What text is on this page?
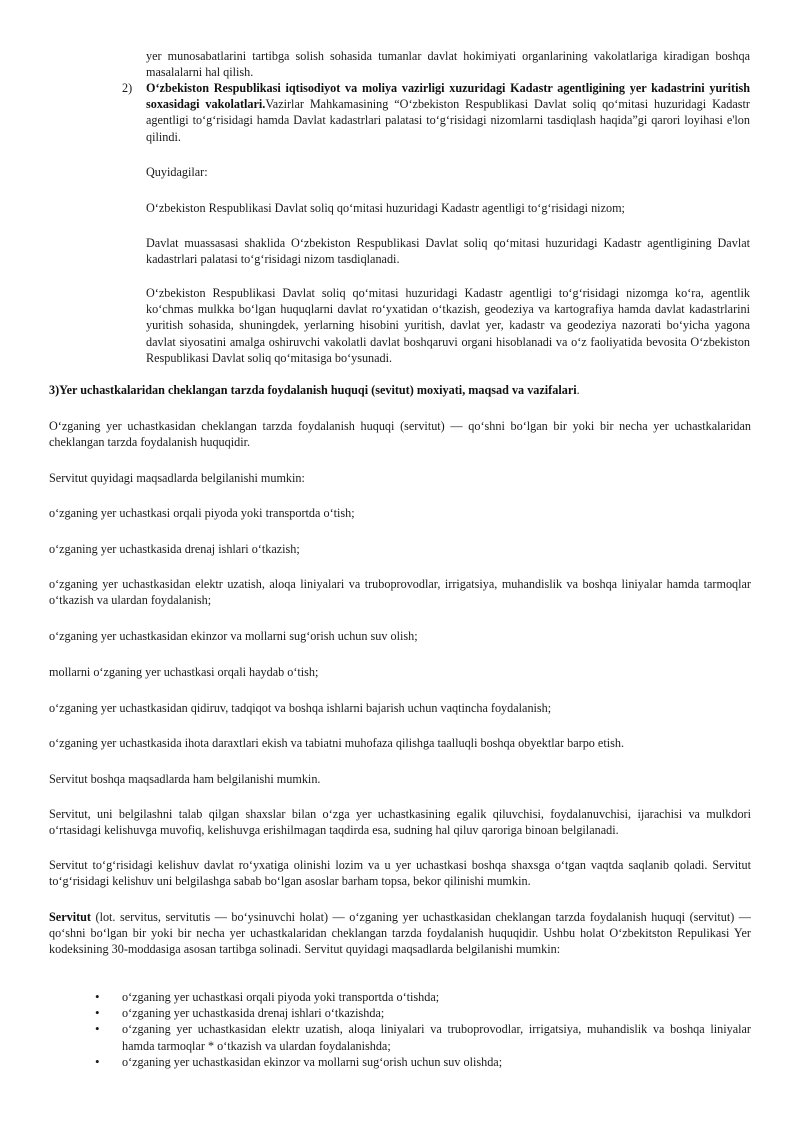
yer munosabatlarini tartibga solish sohasida tumanlar davlat hokimiyati organlarining vakolatlariga kiradigan boshqa masalalarni hal qilish.

2) O‘zbekiston Respublikasi iqtisodiyot va moliya vazirligi xuzuridagi Kadastr agentligining yer kadastrini yuritish soxasidagi vakolatlari.Vazirlar Mahkamasining “O‘zbekiston Respublikasi Davlat soliq qo‘mitasi huzuridagi Kadastr agentligi to‘g‘risidagi hamda Davlat kadastrlari palatasi to‘g‘risidagi nizomlarni tasdiqlash haqida”gi qarori loyihasi e'lon qilindi.

Quyidagilar:

O‘zbekiston Respublikasi Davlat soliq qo‘mitasi huzuridagi Kadastr agentligi to‘g‘risidagi nizom;

Davlat muassasasi shaklida O‘zbekiston Respublikasi Davlat soliq qo‘mitasi huzuridagi Kadastr agentligining Davlat kadastrlari palatasi to‘g‘risidagi nizom tasdiqlanadi.

O‘zbekiston Respublikasi Davlat soliq qo‘mitasi huzuridagi Kadastr agentligi to‘g‘risidagi nizomga ko‘ra, agentlik ko‘chmas mulkka bo‘lgan huquqlarni davlat ro‘yxatidan o‘tkazish, geodeziya va kartografiya hamda davlat kadastrlarini yuritish sohasida, shuningdek, yerlarning hisobini yuritish, davlat yer, kadastr va geodeziya nazorati bo‘yicha yagona davlat siyosatini amalga oshiruvchi vakolatli davlat boshqaruvi organi hisoblanadi va o‘z faoliyatida bevosita O‘zbekiston Respublikasi Davlat soliq qo‘mitasiga bo‘ysunadi.

3)Yer uchastkalaridan cheklangan tarzda foydalanish huquqi (sevitut) moxiyati, maqsad va vazifalari.

O‘zganing yer uchastkasidan cheklangan tarzda foydalanish huquqi (servitut) — qo‘shni bo‘lgan bir yoki bir necha yer uchastkalaridan cheklangan tarzda foydalanish huquqidir.

Servitut quyidagi maqsadlarda belgilanishi mumkin:

o‘zganing yer uchastkasi orqali piyoda yoki transportda o‘tish;

o‘zganing yer uchastkasida drenaj ishlari o‘tkazish;

o‘zganing yer uchastkasidan elektr uzatish, aloqa liniyalari va truboprovodlar, irrigatsiya, muhandislik va boshqa liniyalar hamda tarmoqlar o‘tkazish va ulardan foydalanish;

o‘zganing yer uchastkasidan ekinzor va mollarni sug‘orish uchun suv olish;

mollarni o‘zganing yer uchastkasi orqali haydab o‘tish;

o‘zganing yer uchastkasidan qidiruv, tadqiqot va boshqa ishlarni bajarish uchun vaqtincha foydalanish;

o‘zganing yer uchastkasida ihota daraxtlari ekish va tabiatni muhofaza qilishga taalluqli boshqa obyektlar barpo etish.

Servitut boshqa maqsadlarda ham belgilanishi mumkin.

Servitut, uni belgilashni talab qilgan shaxslar bilan o‘zga yer uchastkasining egalik qiluvchisi, foydalanuvchisi, ijarachisi va mulkdori o‘rtasidagi kelishuvga muvofiq, kelishuvga erishilmagan taqdirda esa, sudning hal qiluv qaroriga binoan belgilanadi.

Servitut to‘g‘risidagi kelishuv davlat ro‘yxatiga olinishi lozim va u yer uchastkasi boshqa shaxsga o‘tgan vaqtda saqlanib qoladi. Servitut to‘g‘risidagi kelishuv uni belgilashga sabab bo‘lgan asoslar barham topsa, bekor qilinishi mumkin.

Servitut (lot. servitus, servitutis — bo‘ysinuvchi holat) — o‘zganing yer uchastkasidan cheklangan tarzda foydalanish huquqi (servitut) — qo‘shni bo‘lgan bir yoki bir necha yer uchastkalaridan cheklangan tarzda foydalanish huquqidir. Ushbu holat O‘zbekitston Repulikasi Yer kodeksining 30-moddasiga asosan tartibga solinadi. Servitut quyidagi maqsadlarda belgilanishi mumkin:

• o‘zganing yer uchastkasi orqali piyoda yoki transportda o‘tishda;
• o‘zganing yer uchastkasida drenaj ishlari o‘tkazishda;
• o‘zganing yer uchastkasidan elektr uzatish, aloqa liniyalari va truboprovodlar, irrigatsiya, muhandislik va boshqa liniyalar hamda tarmoqlar * o‘tkazish va ulardan foydalanishda;
• o‘zganing yer uchastkasidan ekinzor va mollarni sug‘orish uchun suv olishda;
